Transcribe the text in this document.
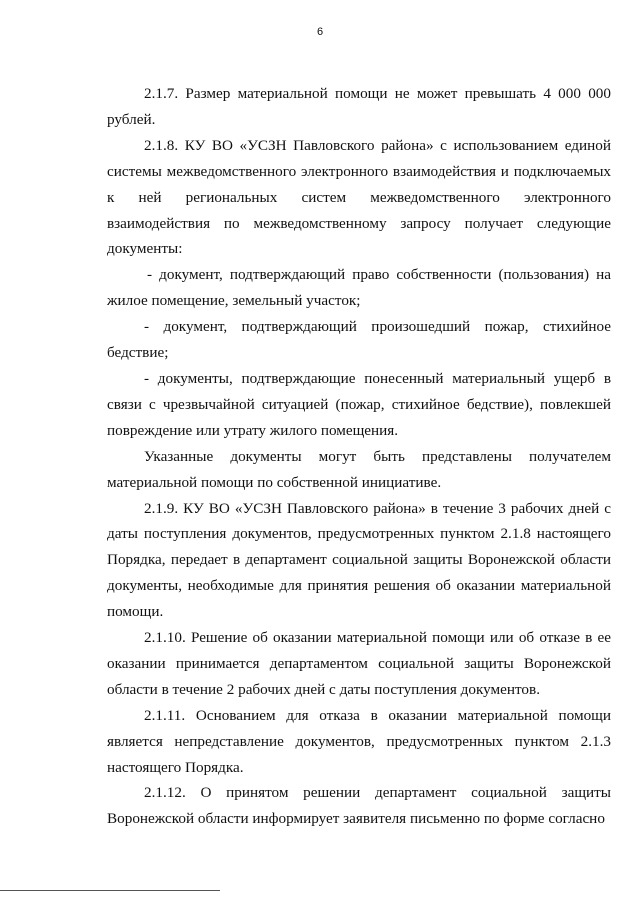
6

2.1.7. Размер материальной помощи не может превышать 4 000 000 рублей.

2.1.8. КУ ВО «УСЗН Павловского района» с использованием единой системы межведомственного электронного взаимодействия и подключаемых к ней региональных систем межведомственного электронного взаимодействия по межведомственному запросу получает следующие документы:

- документ, подтверждающий право собственности (пользования) на жилое помещение, земельный участок;

- документ, подтверждающий произошедший пожар, стихийное бедствие;

- документы, подтверждающие понесенный материальный ущерб в связи с чрезвычайной ситуацией (пожар, стихийное бедствие), повлекшей повреждение или утрату жилого помещения.

Указанные документы могут быть представлены получателем материальной помощи по собственной инициативе.

2.1.9. КУ ВО «УСЗН Павловского района» в течение 3 рабочих дней с даты поступления документов, предусмотренных пунктом 2.1.8 настоящего Порядка, передает в департамент социальной защиты Воронежской области документы, необходимые для принятия решения об оказании материальной помощи.

2.1.10. Решение об оказании материальной помощи или об отказе в ее оказании принимается департаментом социальной защиты Воронежской области в течение 2 рабочих дней с даты поступления документов.

2.1.11. Основанием для отказа в оказании материальной помощи является непредставление документов, предусмотренных пунктом 2.1.3 настоящего Порядка.

2.1.12. О принятом решении департамент социальной защиты Воронежской области информирует заявителя письменно по форме согласно
